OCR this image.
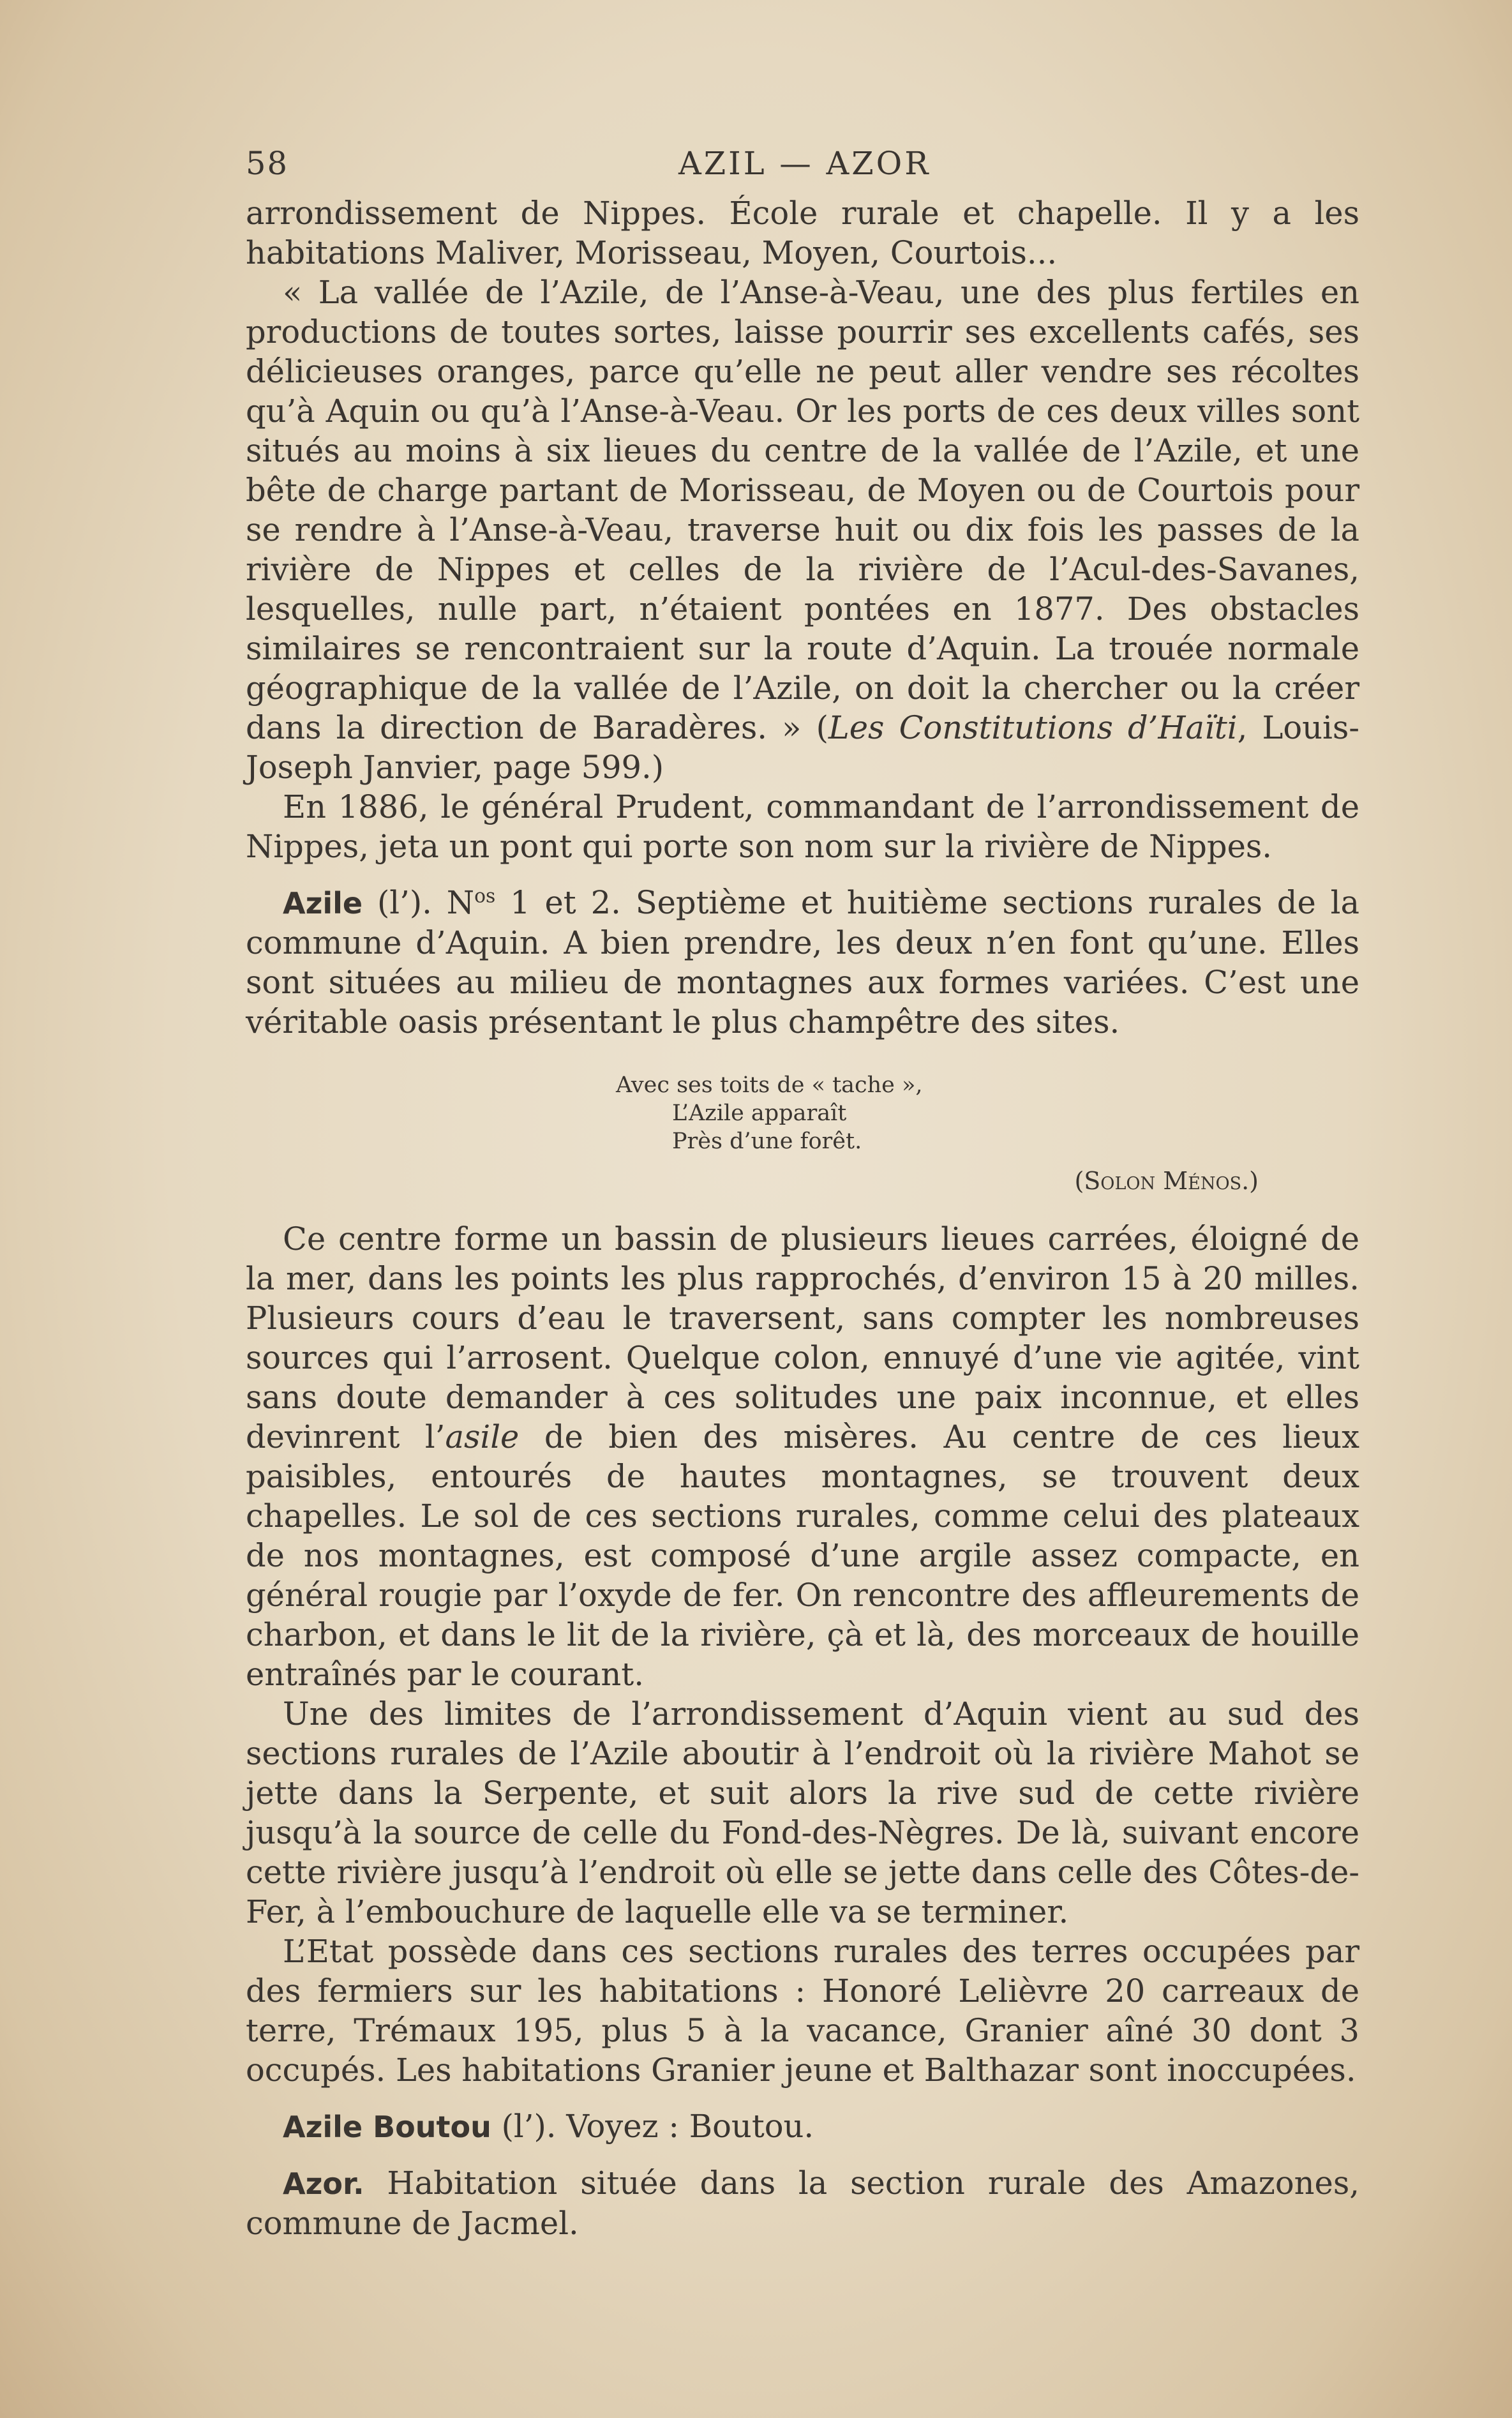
58	AZIL — AZOR

arrondissement de Nippes. École rurale et chapelle. Il y a les habitations Maliver, Morisseau, Moyen, Courtois...

« La vallée de l’Azile, de l’Anse-à-Veau, une des plus fertiles en productions de toutes sortes, laisse pourrir ses excellents cafés, ses délicieuses oranges, parce qu’elle ne peut aller vendre ses récoltes qu’à Aquin ou qu’à l’Anse-à-Veau. Or les ports de ces deux villes sont situés au moins à six lieues du centre de la vallée de l’Azile, et une bête de charge partant de Morisseau, de Moyen ou de Courtois pour se rendre à l’Anse-à-Veau, traverse huit ou dix fois les passes de la rivière de Nippes et celles de la rivière de l’Acul-des-Savanes, lesquelles, nulle part, n’étaient pontées en 1877. Des obstacles similaires se rencontraient sur la route d’Aquin. La trouée normale géographique de la vallée de l’Azile, on doit la chercher ou la créer dans la direction de Baradères. » (Les Constitutions d’Haïti, Louis-Joseph Janvier, page 599.)

En 1886, le général Prudent, commandant de l’arrondissement de Nippes, jeta un pont qui porte son nom sur la rivière de Nippes.

Azile (l’). $N^{os}$ 1 et 2. Septième et huitième sections rurales de la commune d’Aquin. A bien prendre, les deux n’en font qu’une. Elles sont situées au milieu de montagnes aux formes variées. C’est une véritable oasis présentant le plus champêtre des sites.

Avec ses toits de « tache »,
L’Azile apparaît
Près d’une forêt.
(Solon Ménos.)

Ce centre forme un bassin de plusieurs lieues carrées, éloigné de la mer, dans les points les plus rapprochés, d’environ 15 à 20 milles. Plusieurs cours d’eau le traversent, sans compter les nombreuses sources qui l’arrosent. Quelque colon, ennuyé d’une vie agitée, vint sans doute demander à ces solitudes une paix inconnue, et elles devinrent l’asile de bien des misères. Au centre de ces lieux paisibles, entourés de hautes montagnes, se trouvent deux chapelles. Le sol de ces sections rurales, comme celui des plateaux de nos montagnes, est composé d’une argile assez compacte, en général rougie par l’oxyde de fer. On rencontre des affleurements de charbon, et dans le lit de la rivière, çà et là, des morceaux de houille entraînés par le courant.

Une des limites de l’arrondissement d’Aquin vient au sud des sections rurales de l’Azile aboutir à l’endroit où la rivière Mahot se jette dans la Serpente, et suit alors la rive sud de cette rivière jusqu’à la source de celle du Fond-des-Nègres. De là, suivant encore cette rivière jusqu’à l’endroit où elle se jette dans celle des Côtes-de-Fer, à l’embouchure de laquelle elle va se terminer.

L’Etat possède dans ces sections rurales des terres occupées par des fermiers sur les habitations : Honoré Lelièvre 20 carreaux de terre, Trémaux 195, plus 5 à la vacance, Granier aîné 30 dont 3 occupés. Les habitations Granier jeune et Balthazar sont inoccupées.

Azile Boutou (l’). Voyez : Boutou.

Azor. Habitation située dans la section rurale des Amazones, commune de Jacmel.
